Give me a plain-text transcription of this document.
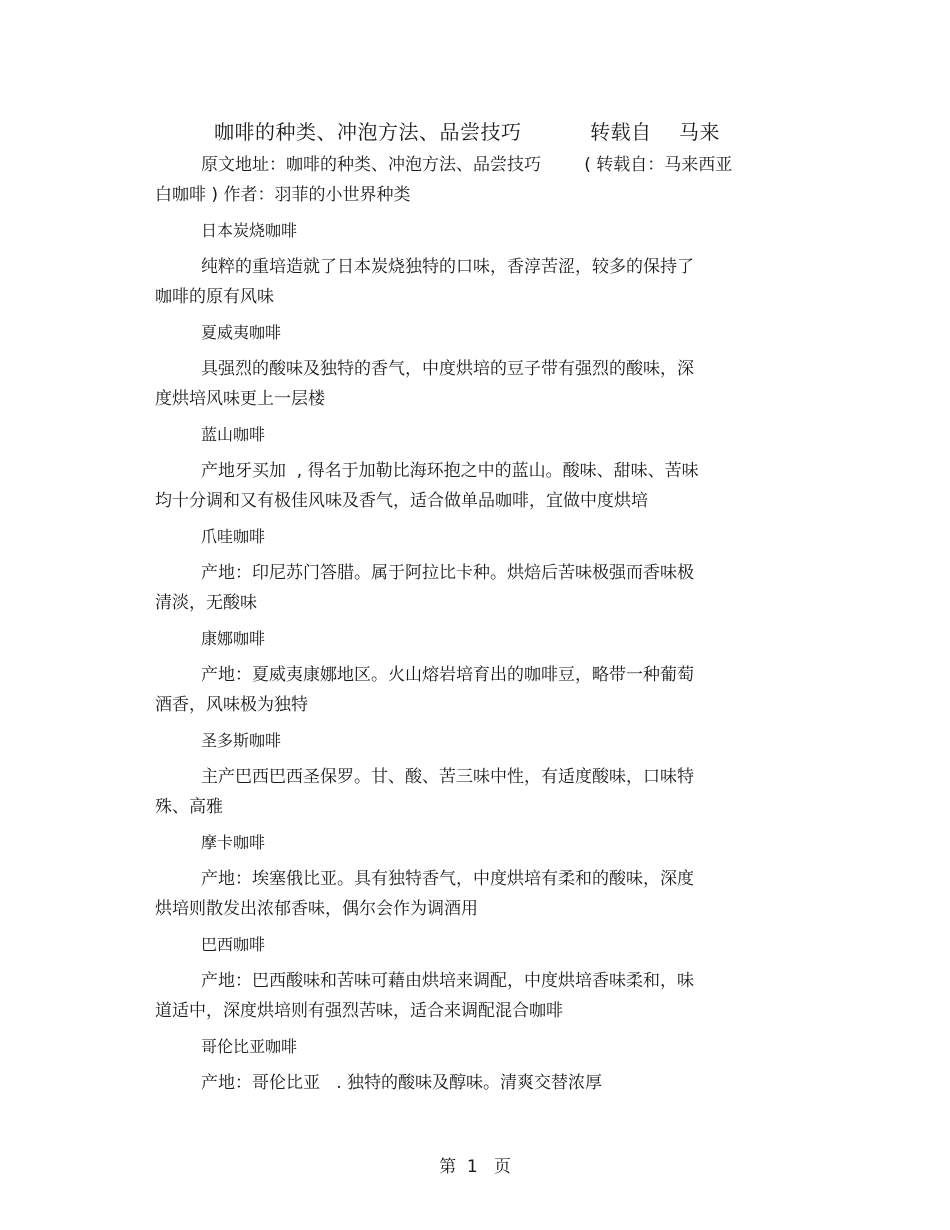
咖啡的种类、冲泡方法、品尝技巧          转载自    马来

原文地址：咖啡的种类、冲泡方法、品尝技巧        ( 转载自：马来西亚
白咖啡 ) 作者：羽菲的小世界种类

日本炭烧咖啡

纯粹的重培造就了日本炭烧独特的口味，香淳苦涩，较多的保持了
咖啡的原有风味

夏威夷咖啡

具强烈的酸味及独特的香气，中度烘培的豆子带有强烈的酸味，深
度烘培风味更上一层楼

蓝山咖啡

产地牙买加  , 得名于加勒比海环抱之中的蓝山。酸味、甜味、苦味
均十分调和又有极佳风味及香气，适合做单品咖啡，宜做中度烘培

爪哇咖啡

产地：印尼苏门答腊。属于阿拉比卡种。烘焙后苦味极强而香味极
清淡，无酸味

康娜咖啡

产地：夏威夷康娜地区。火山熔岩培育出的咖啡豆，略带一种葡萄
酒香，风味极为独特

圣多斯咖啡

主产巴西巴西圣保罗。甘、酸、苦三味中性，有适度酸味，口味特
殊、高雅

摩卡咖啡

产地：埃塞俄比亚。具有独特香气，中度烘培有柔和的酸味，深度
烘培则散发出浓郁香味，偶尔会作为调酒用

巴西咖啡

产地：巴西酸味和苦味可藉由烘培来调配，中度烘培香味柔和，味
道适中，深度烘培则有强烈苦味，适合来调配混合咖啡

哥伦比亚咖啡

产地：哥伦比亚   . 独特的酸味及醇味。清爽交替浓厚

第  1   页
